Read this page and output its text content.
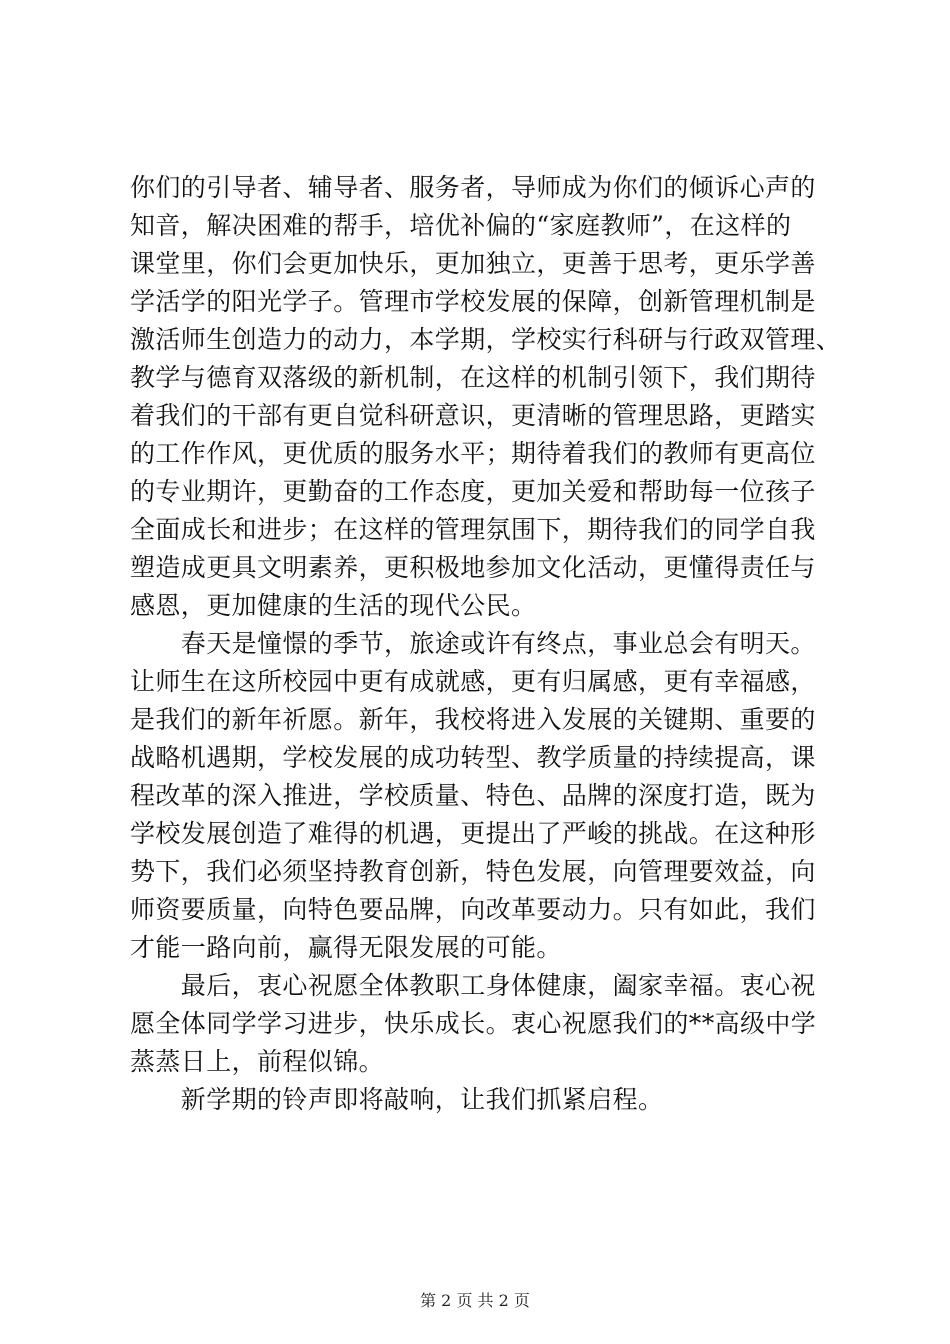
你们的引导者、辅导者、服务者，导师成为你们的倾诉心声的
知音，解决困难的帮手，培优补偏的“家庭教师”，在这样的
课堂里，你们会更加快乐，更加独立，更善于思考，更乐学善
学活学的阳光学子。管理市学校发展的保障，创新管理机制是
激活师生创造力的动力，本学期，学校实行科研与行政双管理、
教学与德育双落级的新机制，在这样的机制引领下，我们期待
着我们的干部有更自觉科研意识，更清晰的管理思路，更踏实
的工作作风，更优质的服务水平；期待着我们的教师有更高位
的专业期许，更勤奋的工作态度，更加关爱和帮助每一位孩子
全面成长和进步；在这样的管理氛围下，期待我们的同学自我
塑造成更具文明素养，更积极地参加文化活动，更懂得责任与
感恩，更加健康的生活的现代公民。
　　春天是憧憬的季节，旅途或许有终点，事业总会有明天。
让师生在这所校园中更有成就感，更有归属感，更有幸福感，
是我们的新年祈愿。新年，我校将进入发展的关键期、重要的
战略机遇期，学校发展的成功转型、教学质量的持续提高，课
程改革的深入推进，学校质量、特色、品牌的深度打造，既为
学校发展创造了难得的机遇，更提出了严峻的挑战。在这种形
势下，我们必须坚持教育创新，特色发展，向管理要效益，向
师资要质量，向特色要品牌，向改革要动力。只有如此，我们
才能一路向前，赢得无限发展的可能。
　　最后，衷心祝愿全体教职工身体健康，阖家幸福。衷心祝
愿全体同学学习进步，快乐成长。衷心祝愿我们的**高级中学
蒸蒸日上，前程似锦。
　　新学期的铃声即将敲响，让我们抓紧启程。
第 2 页 共 2 页
